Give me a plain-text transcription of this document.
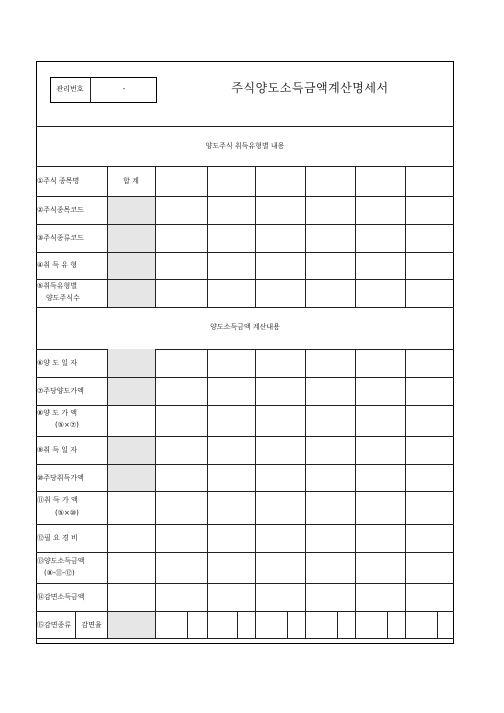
관리번호	-	주식양도소득금액계산명세서
양도주식 취득유형별 내용
①주식 종목명	합 계
②주식종목코드
③주식종류코드
④취 득 유 형
⑤취득유형별
양도주식수
양도소득금액 계산내용
⑥양 도 일 자
⑦주당양도가액
⑧양 도 가 액
(⑤×⑦)
⑨취 득 일 자
⑩주당취득가액
⑪취 득 가 액
(⑤×⑩)
⑫필 요 경 비
⑬양도소득금액
(⑧-⑪-⑫)
⑭감면소득금액
⑮감면종류	감면율
